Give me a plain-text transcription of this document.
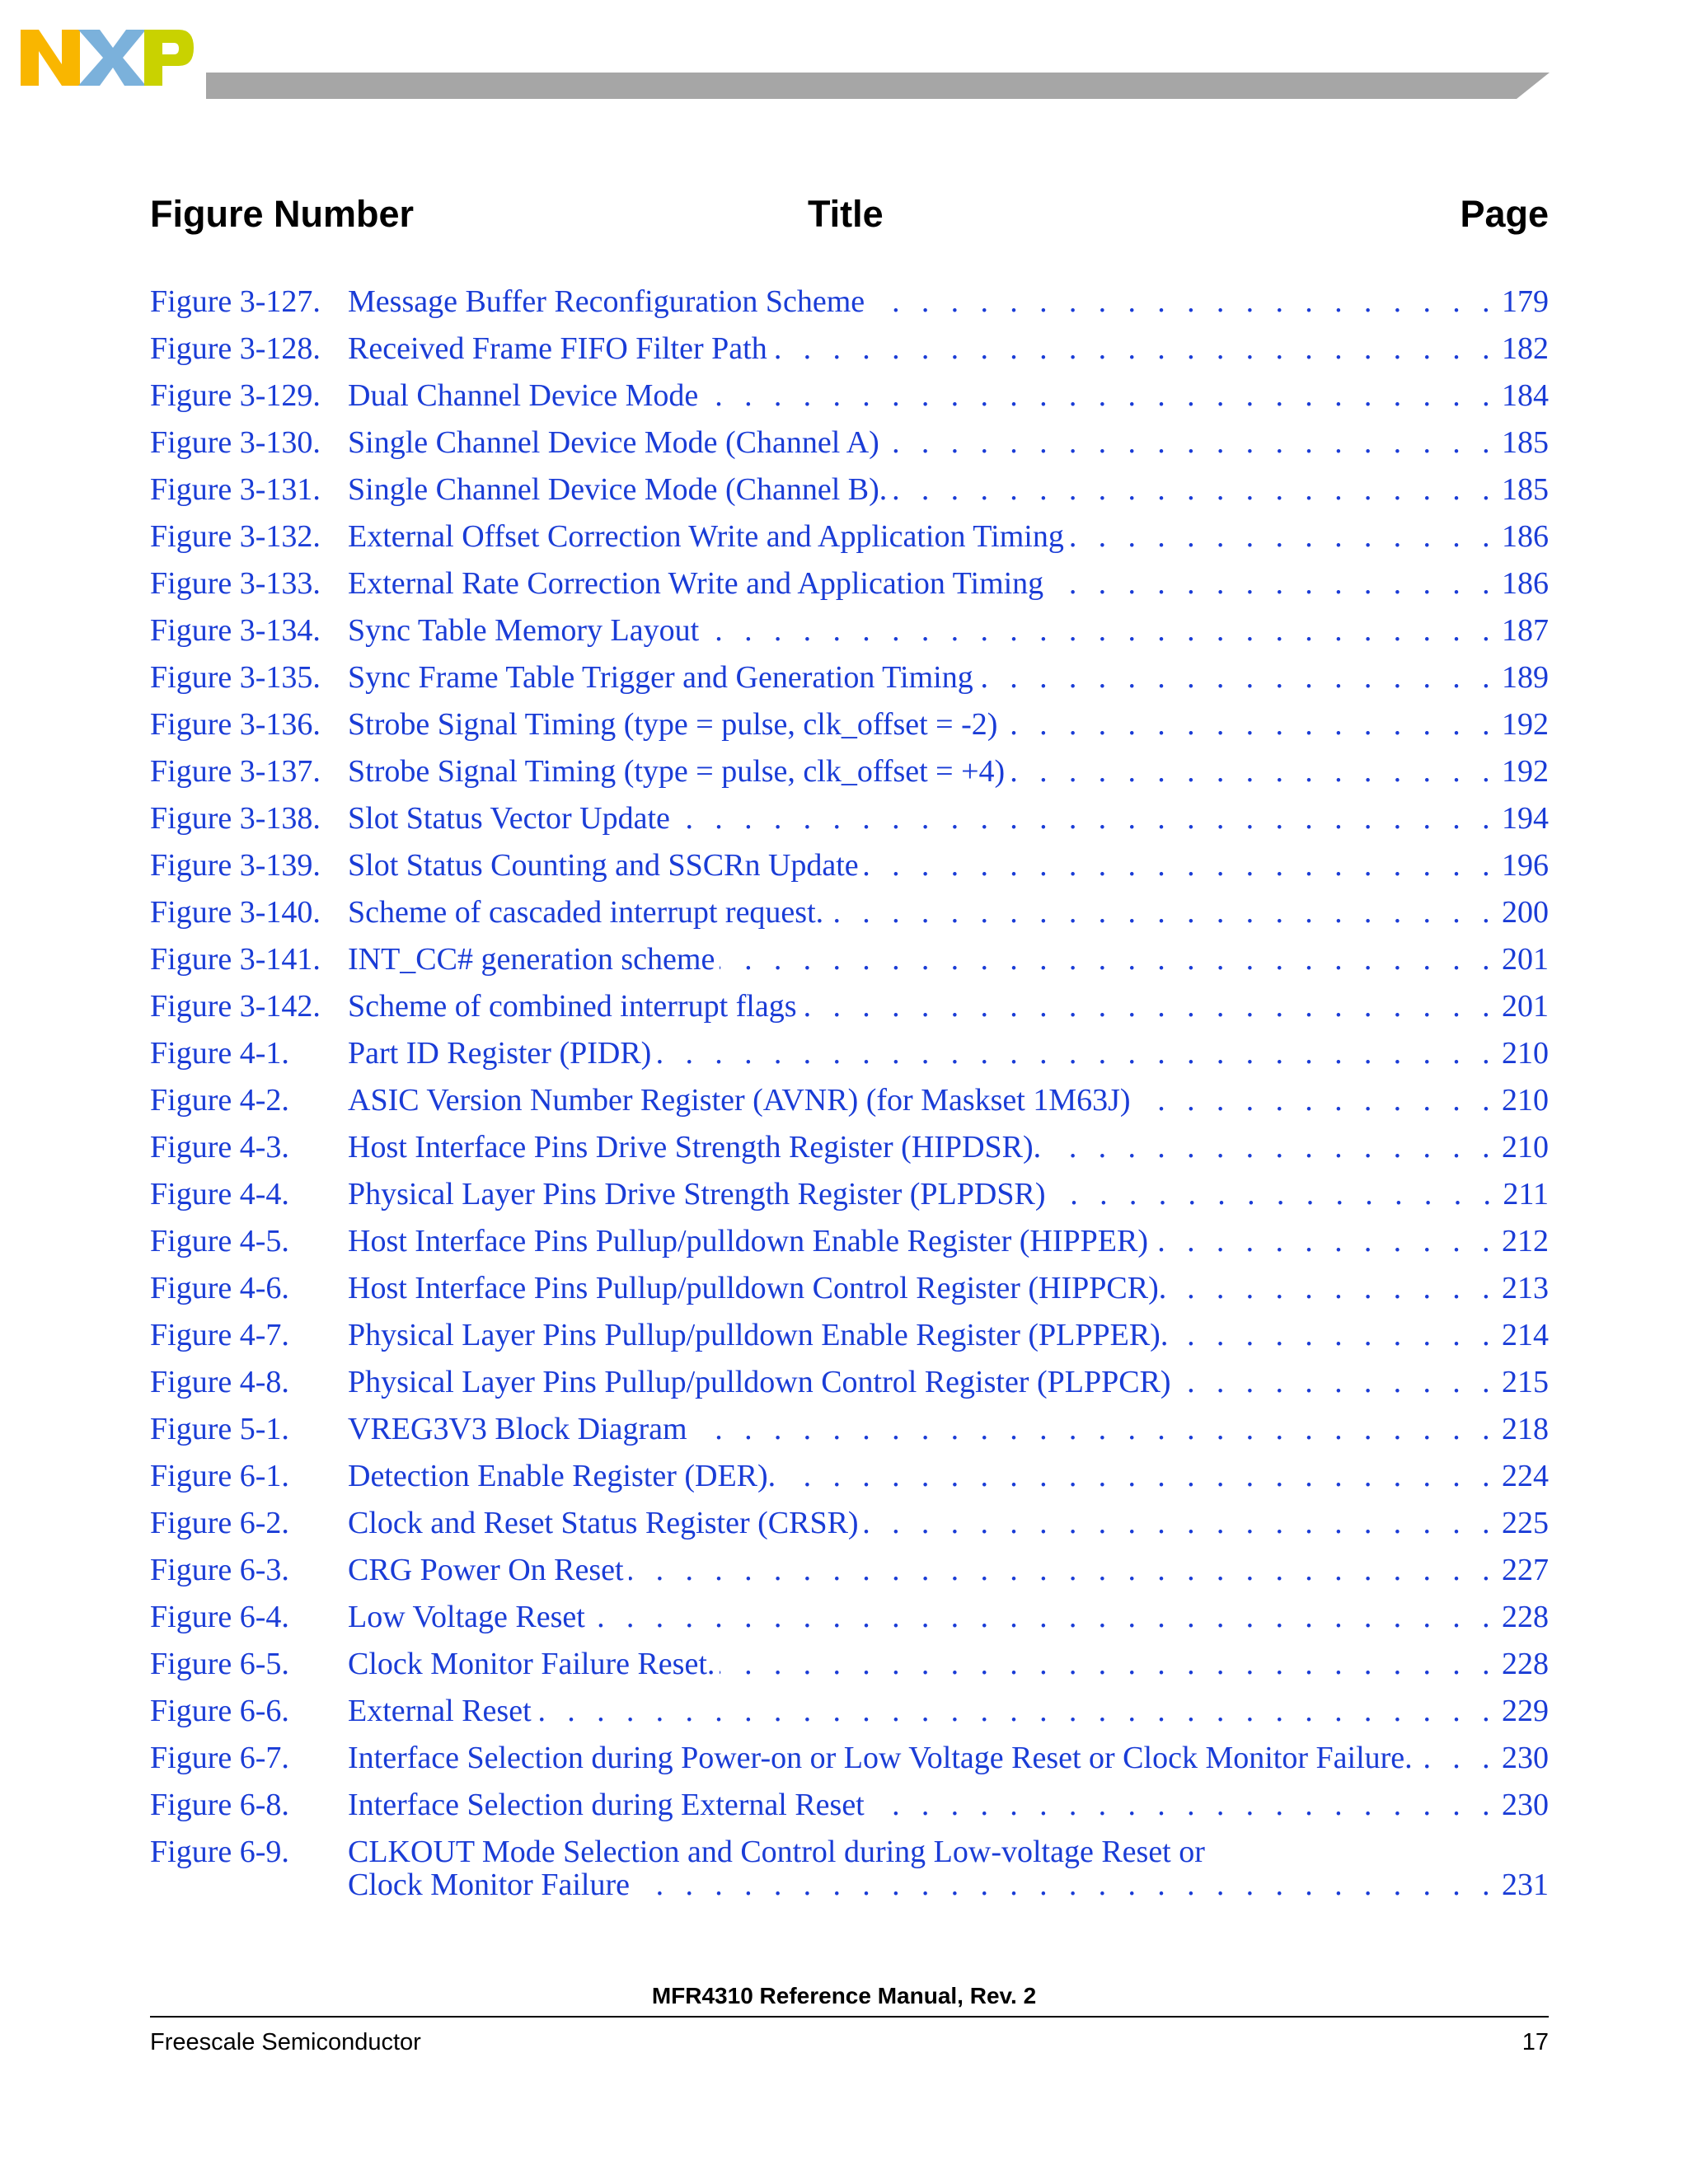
Figure Number	Title	Page
Figure 3-127. Message Buffer Reconfiguration Scheme . . .	179
Figure 3-128. Received Frame FIFO Filter Path . . .	182
Figure 3-129. Dual Channel Device Mode . . .	184
Figure 3-130. Single Channel Device Mode (Channel A) . . .	185
Figure 3-131. Single Channel Device Mode (Channel B). . . .	185
Figure 3-132. External Offset Correction Write and Application Timing . . .	186
Figure 3-133. External Rate Correction Write and Application Timing . . .	186
Figure 3-134. Sync Table Memory Layout . . .	187
Figure 3-135. Sync Frame Table Trigger and Generation Timing . . .	189
Figure 3-136. Strobe Signal Timing (type = pulse, clk_offset = -2) . . .	192
Figure 3-137. Strobe Signal Timing (type = pulse, clk_offset = +4) . . .	192
Figure 3-138. Slot Status Vector Update . . .	194
Figure 3-139. Slot Status Counting and SSCRn Update . . .	196
Figure 3-140. Scheme of cascaded interrupt request. . . .	200
Figure 3-141. INT_CC# generation scheme . . .	201
Figure 3-142. Scheme of combined interrupt flags . . .	201
Figure 4-1. Part ID Register (PIDR) . . .	210
Figure 4-2. ASIC Version Number Register (AVNR) (for Maskset 1M63J) . . .	210
Figure 4-3. Host Interface Pins Drive Strength Register (HIPDSR). . . .	210
Figure 4-4. Physical Layer Pins Drive Strength Register (PLPDSR) . . .	211
Figure 4-5. Host Interface Pins Pullup/pulldown Enable Register (HIPPER) . . .	212
Figure 4-6. Host Interface Pins Pullup/pulldown Control Register (HIPPCR). . . .	213
Figure 4-7. Physical Layer Pins Pullup/pulldown Enable Register (PLPPER). . . .	214
Figure 4-8. Physical Layer Pins Pullup/pulldown Control Register (PLPPCR) . . .	215
Figure 5-1. VREG3V3 Block Diagram . . .	218
Figure 6-1. Detection Enable Register (DER). . . .	224
Figure 6-2. Clock and Reset Status Register (CRSR) . . .	225
Figure 6-3. CRG Power On Reset . . .	227
Figure 6-4. Low Voltage Reset . . .	228
Figure 6-5. Clock Monitor Failure Reset. . . .	228
Figure 6-6. External Reset . . .	229
Figure 6-7. Interface Selection during Power-on or Low Voltage Reset or Clock Monitor Failure. . . .	230
Figure 6-8. Interface Selection during External Reset . . .	230
Figure 6-9. CLKOUT Mode Selection and Control during Low-voltage Reset or
Clock Monitor Failure . . .	231
MFR4310 Reference Manual, Rev. 2
Freescale Semiconductor	17
